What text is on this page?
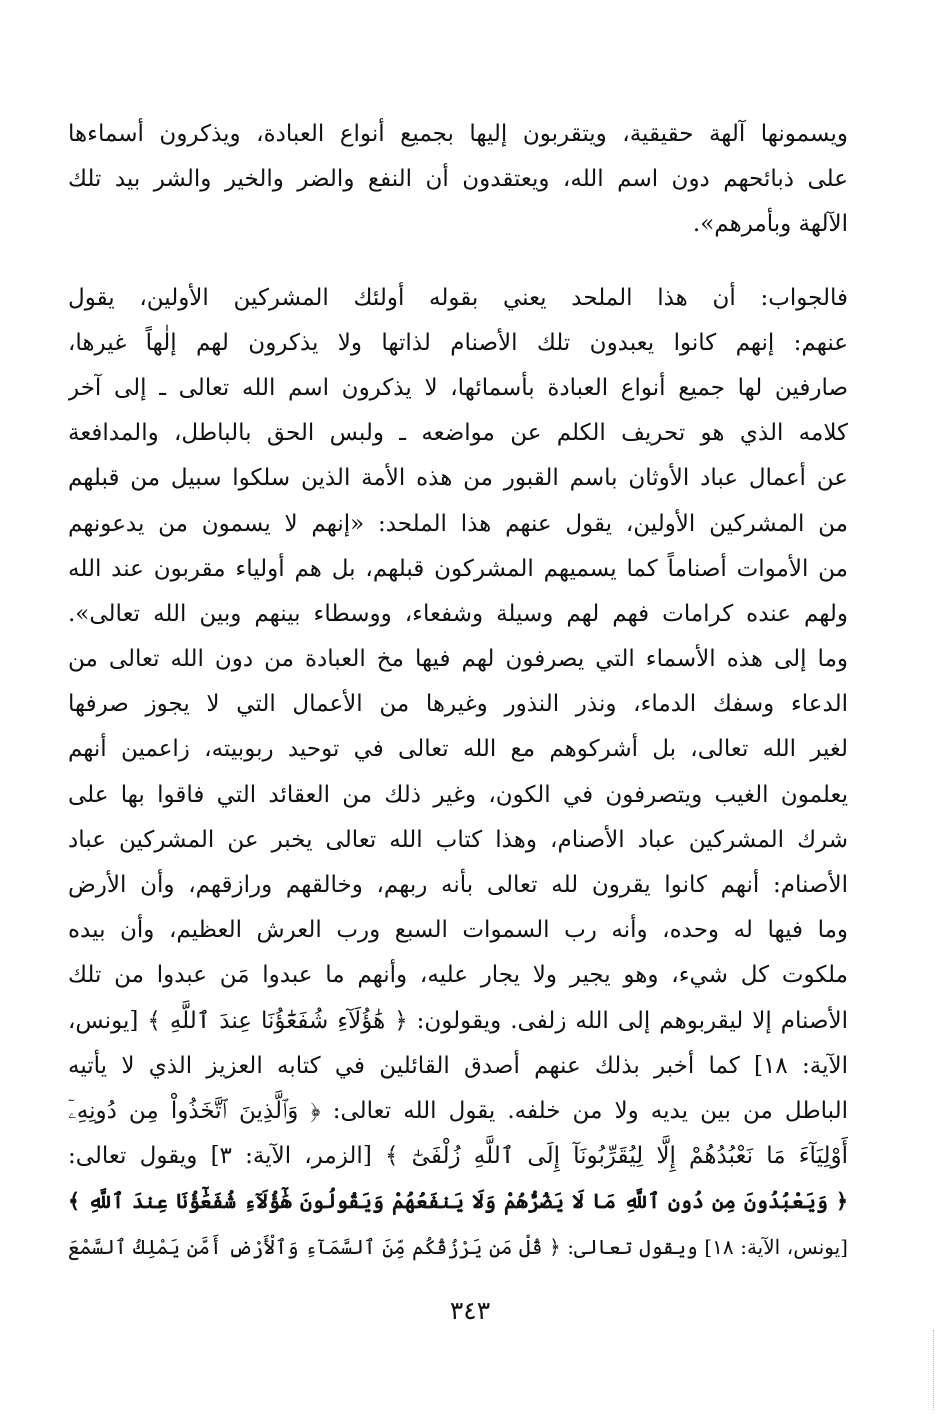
ويسمونها آلهة حقيقية، ويتقربون إليها بجميع أنواع العبادة، ويذكرون أسماءها
على ذبائحهم دون اسم الله، ويعتقدون أن النفع والضر والخير والشر بيد تلك
الآلهة وبأمرهم».
فالجواب: أن هذا الملحد يعني بقوله أولئك المشركين الأولين، يقول
عنهم: إنهم كانوا يعبدون تلك الأصنام لذاتها ولا يذكرون لهم إلٰهاً غيرها،
صارفين لها جميع أنواع العبادة بأسمائها، لا يذكرون اسم الله تعالى ـ إلى آخر
كلامه الذي هو تحريف الكلم عن مواضعه ـ ولبس الحق بالباطل، والمدافعة
عن أعمال عباد الأوثان باسم القبور من هذه الأمة الذين سلكوا سبيل من قبلهم
من المشركين الأولين، يقول عنهم هذا الملحد: «إنهم لا يسمون من يدعونهم
من الأموات أصناماً كما يسميهم المشركون قبلهم، بل هم أولياء مقربون عند الله
ولهم عنده كرامات فهم لهم وسيلة وشفعاء، ووسطاء بينهم وبين الله تعالى».
وما إلى هذه الأسماء التي يصرفون لهم فيها مخ العبادة من دون الله تعالى من
الدعاء وسفك الدماء، ونذر النذور وغيرها من الأعمال التي لا يجوز صرفها
لغير الله تعالى، بل أشركوهم مع الله تعالى في توحيد ربوبيته، زاعمين أنهم
يعلمون الغيب ويتصرفون في الكون، وغير ذلك من العقائد التي فاقوا بها على
شرك المشركين عباد الأصنام، وهذا كتاب الله تعالى يخبر عن المشركين عباد
الأصنام: أنهم كانوا يقرون لله تعالى بأنه ربهم، وخالقهم ورازقهم، وأن الأرض
وما فيها له وحده، وأنه رب السموات السبع ورب العرش العظيم، وأن بيده
ملكوت كل شيء، وهو يجير ولا يجار عليه، وأنهم ما عبدوا مَن عبدوا من تلك
الأصنام إلا ليقربوهم إلى الله زلفى. ويقولون: ﴿ هَٰؤُلَآءِ شُفَعَٰٓؤُنَا عِندَ ٱللَّهِ ﴾ [يونس،
الآية: ١٨] كما أخبر بذلك عنهم أصدق القائلين في كتابه العزيز الذي لا يأتيه
الباطل من بين يديه ولا من خلفه. يقول الله تعالى: ﴿ وَٱلَّذِينَ ٱتَّخَذُواْ مِن دُونِهِۦٓ
أَوْلِيَآءَ مَا نَعْبُدُهُمْ إِلَّا لِيُقَرِّبُونَآ إِلَى ٱللَّهِ زُلْفَىٰٓ ﴾ [الزمر، الآية: ٣] ويقول تعالى:
﴿ وَيَعْبُدُونَ مِن دُونِ ٱللَّهِ مَا لَا يَضُرُّهُمْ وَلَا يَنفَعُهُمْ وَيَقُولُونَ هَٰٓؤُلَآءِ شُفَعَٰٓؤُنَا عِندَ ٱللَّهِ ﴾
[يونس، الآية: ١٨] ويقول تعالى: ﴿ قُلْ مَن يَرْزُقُكُم مِّنَ ٱلسَّمَآءِ وَٱلْأَرْضِ أَمَّن يَمْلِكُ ٱلسَّمْعَ
٣٤٣
